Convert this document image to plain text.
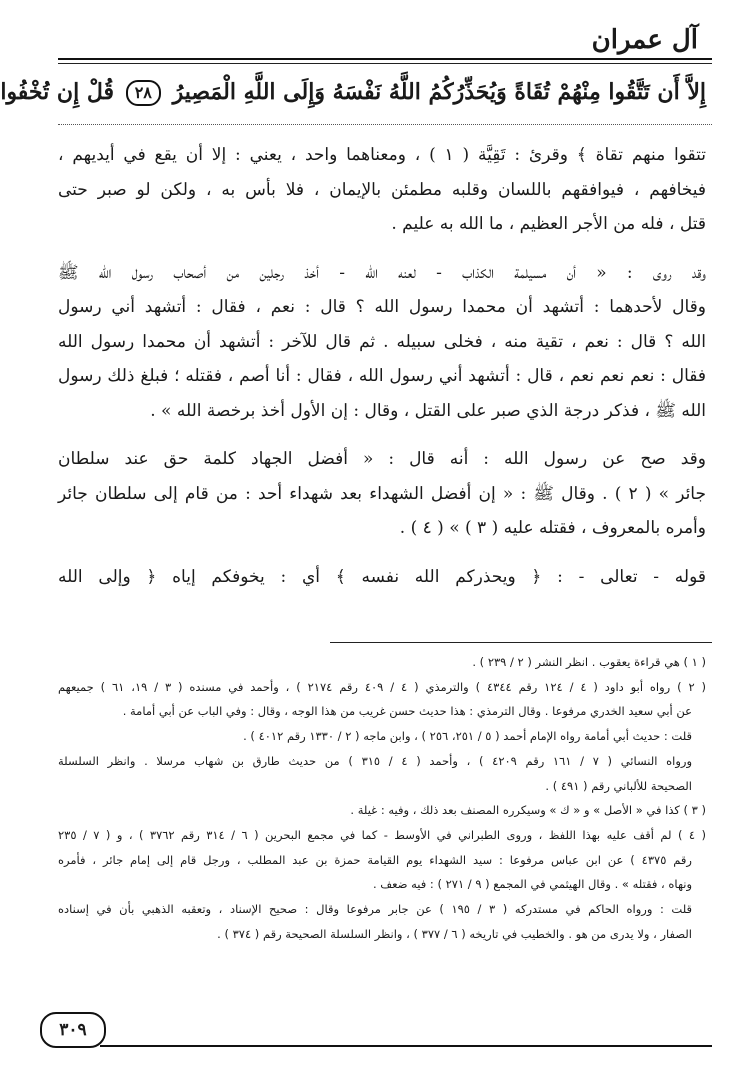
آل عمران
إِلاَّ أَن تَتَّقُوا مِنْهُمْ تُقَاةً وَيُحَذِّرُكُمُ اللَّهُ نَفْسَهُ وَإِلَى اللَّهِ الْمَصِيرُ ٢٨ قُلْ إِن تُخْفُوا
تتقوا منهم تقاة ﴾ وقرئ : تَقِيَّة ( ١ ) ، ومعناهما واحد ، يعني : إلا أن يقع في أيديهم ،
فيخافهم ، فيوافقهم باللسان وقلبه مطمئن بالإيمان ، فلا بأس به ، ولكن لو صبر حتى
قتل ، فله من الأجر العظيم ، ما الله به عليم .
وقد روى : « أن مسيلمة الكذاب - لعنه الله - أخذ رجلين من أصحاب رسول الله ﷺ
وقال لأحدهما : أتشهد أن محمدا رسول الله ؟ قال : نعم ، فقال : أتشهد أني رسول
الله ؟ قال : نعم ، تقية منه ، فخلى سبيله . ثم قال للآخر : أتشهد أن محمدا رسول الله
فقال : نعم نعم نعم ، قال : أتشهد أني رسول الله ، فقال : أنا أصم ، فقتله ؛ فبلغ ذلك رسول
الله ﷺ ، فذكر درجة الذي صبر على القتل ، وقال : إن الأول أخذ برخصة الله » .
وقد صح عن رسول الله : أنه قال : « أفضل الجهاد كلمة حق عند سلطان
جائر » ( ٢ ) . وقال ﷺ : « إن أفضل الشهداء بعد شهداء أحد : من قام إلى سلطان جائر
وأمره بالمعروف ، فقتله عليه ( ٣ ) » ( ٤ ) .
قوله - تعالى - : ﴿ ويحذركم الله نفسه ﴾ أي : يخوفكم إياه ﴿ وإلى الله
( ١ ) هي قراءة يعقوب . انظر النشر ( ٢ / ٢٣٩ ) .
( ٢ ) رواه أبو داود ( ٤ / ١٢٤ رقم ٤٣٤٤ ) والترمذي ( ٤ / ٤٠٩ رقم ٢١٧٤ ) ، وأحمد في مسنده ( ٣ / ١٩، ٦١ ) جميعهم
عن أبي سعيد الخدري مرفوعا . وقال الترمذي : هذا حديث حسن غريب من هذا الوجه ، وقال : وفي الباب عن أبي أمامة .
قلت : حديث أبي أمامة رواه الإمام أحمد ( ٥ / ٢٥١، ٢٥٦ ) ، وابن ماجه ( ٢ / ١٣٣٠ رقم ٤٠١٢ ) .
ورواه النسائي ( ٧ / ١٦١ رقم ٤٢٠٩ ) ، وأحمد ( ٤ / ٣١٥ ) من حديث طارق بن شهاب مرسلا . وانظر السلسلة
الصحيحة للألباني رقم ( ٤٩١ ) .
( ٣ ) كذا في « الأصل » و « ك » وسيكرره المصنف بعد ذلك ، وفيه : غيلة .
( ٤ ) لم أقف عليه بهذا اللفظ ، وروى الطبراني في الأوسط - كما في مجمع البحرين ( ٦ / ٣١٤ رقم ٣٧٦٢ ) ، و ( ٧ / ٢٣٥
رقم ٤٣٧٥ ) عن ابن عباس مرفوعا : سيد الشهداء يوم القيامة حمزة بن عبد المطلب ، ورجل قام إلى إمام جائر ، فأمره
ونهاه ، فقتله » . وقال الهيثمي في المجمع ( ٩ / ٢٧١ ) : فيه ضعف .
قلت : ورواه الحاكم في مستدركه ( ٣ / ١٩٥ ) عن جابر مرفوعا وقال : صحيح الإسناد ، وتعقبه الذهبي بأن في إسناده
الصفار ، ولا يدرى من هو . والخطيب في تاريخه ( ٦ / ٣٧٧ ) ، وانظر السلسلة الصحيحة رقم ( ٣٧٤ ) .
٣٠٩
